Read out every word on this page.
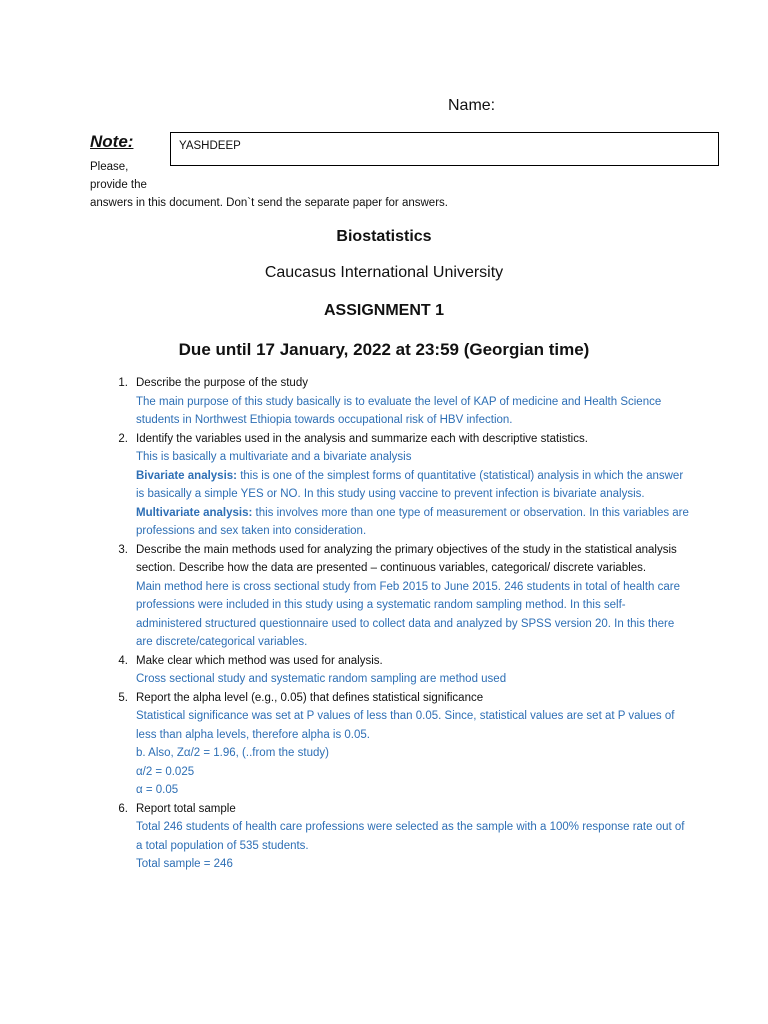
Name:
Note:	YASHDEEP
Please,
provide the
answers in this document. Don`t send the separate paper for answers.
Biostatistics
Caucasus International University
ASSIGNMENT 1
Due until 17 January, 2022 at 23:59 (Georgian time)
1. Describe the purpose of the study
The main purpose of this study basically is to evaluate the level of KAP of medicine and Health Science students in Northwest Ethiopia towards occupational risk of HBV infection.
2. Identify the variables used in the analysis and summarize each with descriptive statistics.
This is basically a multivariate and a bivariate analysis
Bivariate analysis: this is one of the simplest forms of quantitative (statistical) analysis in which the answer is basically a simple YES or NO. In this study using vaccine to prevent infection is bivariate analysis.
Multivariate analysis: this involves more than one type of measurement or observation. In this variables are professions and sex taken into consideration.
3. Describe the main methods used for analyzing the primary objectives of the study in the statistical analysis section. Describe how the data are presented – continuous variables, categorical/ discrete variables.
Main method here is cross sectional study from Feb 2015 to June 2015. 246 students in total of health care professions were included in this study using a systematic random sampling method. In this self-administered structured questionnaire used to collect data and analyzed by SPSS version 20. In this there are discrete/categorical variables.
4. Make clear which method was used for analysis.
Cross sectional study and systematic random sampling are method used
5. Report the alpha level (e.g., 0.05) that defines statistical significance
Statistical significance was set at P values of less than 0.05. Since, statistical values are set at P values of less than alpha levels, therefore alpha is 0.05.
b. Also, Zα/2 = 1.96, (..from the study)
α/2 = 0.025
α = 0.05
6. Report total sample
Total 246 students of health care professions were selected as the sample with a 100% response rate out of a total population of 535 students.
Total sample = 246
